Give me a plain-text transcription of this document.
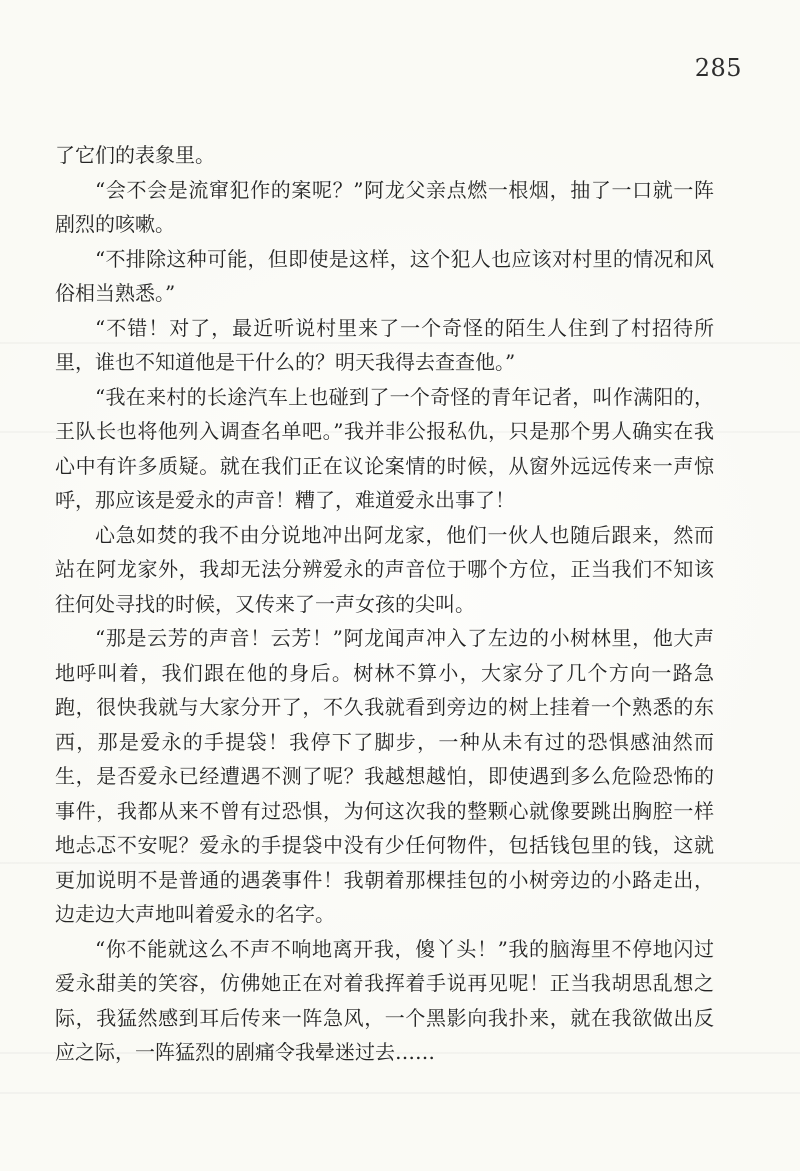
285

了它们的表象里。

“会不会是流窜犯作的案呢？”阿龙父亲点燃一根烟，抽了一口就一阵剧烈的咳嗽。

“不排除这种可能，但即使是这样，这个犯人也应该对村里的情况和风俗相当熟悉。”

“不错！对了，最近听说村里来了一个奇怪的陌生人住到了村招待所里，谁也不知道他是干什么的？明天我得去查查他。”

“我在来村的长途汽车上也碰到了一个奇怪的青年记者，叫作满阳的，王队长也将他列入调查名单吧。”我并非公报私仇，只是那个男人确实在我心中有许多质疑。就在我们正在议论案情的时候，从窗外远远传来一声惊呼，那应该是爱永的声音！糟了，难道爱永出事了！

心急如焚的我不由分说地冲出阿龙家，他们一伙人也随后跟来，然而站在阿龙家外，我却无法分辨爱永的声音位于哪个方位，正当我们不知该往何处寻找的时候，又传来了一声女孩的尖叫。

“那是云芳的声音！云芳！”阿龙闻声冲入了左边的小树林里，他大声地呼叫着，我们跟在他的身后。树林不算小，大家分了几个方向一路急跑，很快我就与大家分开了，不久我就看到旁边的树上挂着一个熟悉的东西，那是爱永的手提袋！我停下了脚步，一种从未有过的恐惧感油然而生，是否爱永已经遭遇不测了呢？我越想越怕，即使遇到多么危险恐怖的事件，我都从来不曾有过恐惧，为何这次我的整颗心就像要跳出胸腔一样地忐忑不安呢？爱永的手提袋中没有少任何物件，包括钱包里的钱，这就更加说明不是普通的遇袭事件！我朝着那棵挂包的小树旁边的小路走出，边走边大声地叫着爱永的名字。

“你不能就这么不声不响地离开我，傻丫头！”我的脑海里不停地闪过爱永甜美的笑容，仿佛她正在对着我挥着手说再见呢！正当我胡思乱想之际，我猛然感到耳后传来一阵急风，一个黑影向我扑来，就在我欲做出反应之际，一阵猛烈的剧痛令我晕迷过去……
